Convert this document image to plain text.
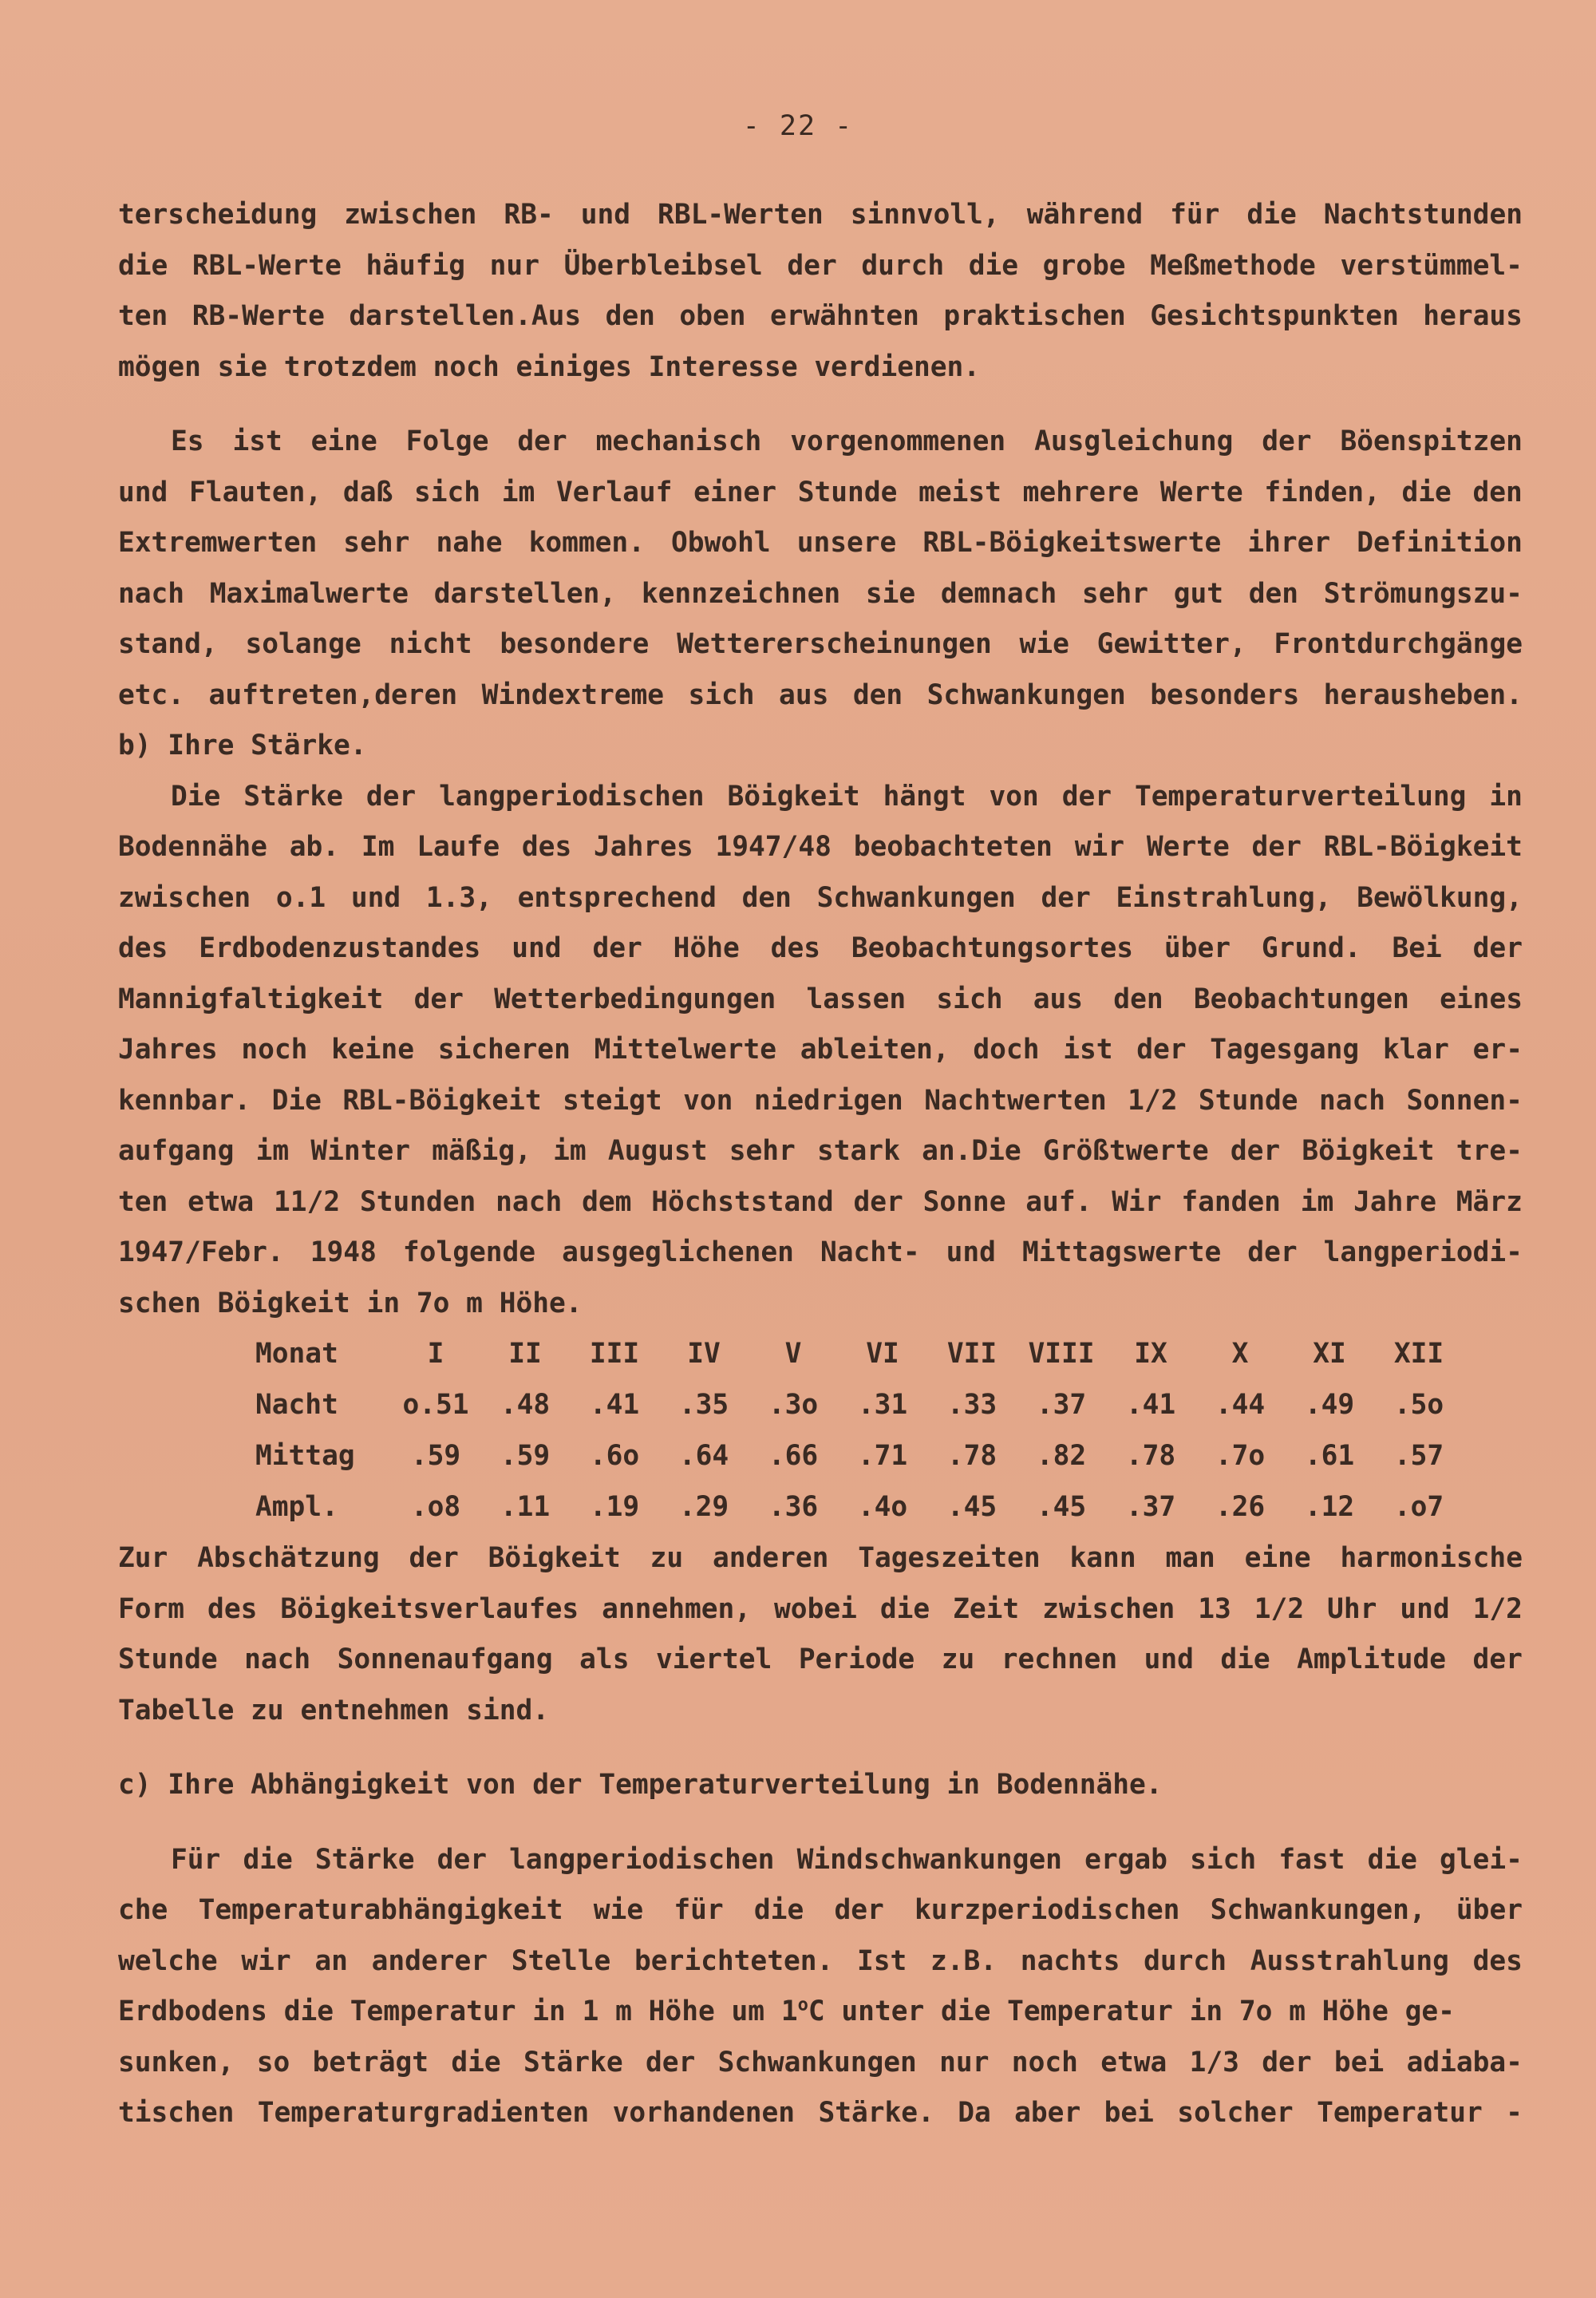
- 22 -
terscheidung zwischen RB- und RBL-Werten sinnvoll, während für die Nachtstunden
die RBL-Werte häufig nur Überbleibsel der durch die grobe Meßmethode verstümmel-
ten RB-Werte darstellen.Aus den oben erwähnten praktischen Gesichtspunkten heraus
mögen sie trotzdem noch einiges Interesse verdienen.
Es ist eine Folge der mechanisch vorgenommenen Ausgleichung der Böenspitzen
und Flauten, daß sich im Verlauf einer Stunde meist mehrere Werte finden, die den
Extremwerten sehr nahe kommen. Obwohl unsere RBL-Böigkeitswerte ihrer Definition
nach Maximalwerte darstellen, kennzeichnen sie demnach sehr gut den Strömungszu-
stand, solange nicht besondere Wettererscheinungen wie Gewitter, Frontdurchgänge
etc. auftreten,deren Windextreme sich aus den Schwankungen besonders herausheben.
b) Ihre Stärke.
Die Stärke der langperiodischen Böigkeit hängt von der Temperaturverteilung in
Bodennähe ab. Im Laufe des Jahres 1947/48 beobachteten wir Werte der RBL-Böigkeit
zwischen o.1 und 1.3, entsprechend den Schwankungen der Einstrahlung, Bewölkung,
des Erdbodenzustandes und der Höhe des Beobachtungsortes über Grund. Bei der
Mannigfaltigkeit der Wetterbedingungen lassen sich aus den Beobachtungen eines
Jahres noch keine sicheren Mittelwerte ableiten, doch ist der Tagesgang klar er-
kennbar. Die RBL-Böigkeit steigt von niedrigen Nachtwerten 1/2 Stunde nach Sonnen-
aufgang im Winter mäßig, im August sehr stark an.Die Größtwerte der Böigkeit tre-
ten etwa 11/2 Stunden nach dem Höchststand der Sonne auf. Wir fanden im Jahre März
1947/Febr. 1948 folgende ausgeglichenen Nacht- und Mittagswerte der langperiodi-
schen Böigkeit in 7o m Höhe.
Monat	I	II	III	IV	V	VI	VII	VIII	IX	X	XI	XII
Nacht	o.51	.48	.41	.35	.3o	.31	.33	.37	.41	.44	.49	.5o
Mittag	.59	.59	.6o	.64	.66	.71	.78	.82	.78	.7o	.61	.57
Ampl.	.o8	.11	.19	.29	.36	.4o	.45	.45	.37	.26	.12	.o7
Zur Abschätzung der Böigkeit zu anderen Tageszeiten kann man eine harmonische
Form des Böigkeitsverlaufes annehmen, wobei die Zeit zwischen 13 1/2 Uhr und 1/2
Stunde nach Sonnenaufgang als viertel Periode zu rechnen und die Amplitude der
Tabelle zu entnehmen sind.
c) Ihre Abhängigkeit von der Temperaturverteilung in Bodennähe.
Für die Stärke der langperiodischen Windschwankungen ergab sich fast die glei-
che Temperaturabhängigkeit wie für die der kurzperiodischen Schwankungen, über
welche wir an anderer Stelle berichteten. Ist z.B. nachts durch Ausstrahlung des
Erdbodens die Temperatur in 1 m Höhe um 1$^o$C unter die Temperatur in 7o m Höhe ge-
sunken, so beträgt die Stärke der Schwankungen nur noch etwa 1/3 der bei adiaba-
tischen Temperaturgradienten vorhandenen Stärke. Da aber bei solcher Temperatur -
